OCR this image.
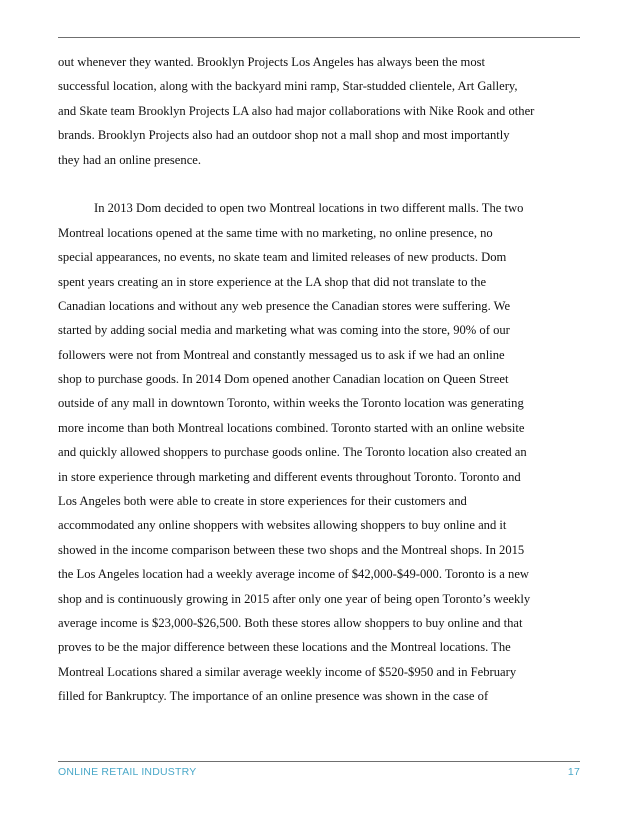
out whenever they wanted. Brooklyn Projects Los Angeles has always been the most
successful location, along with the backyard mini ramp, Star-studded clientele, Art Gallery,
and Skate team Brooklyn Projects LA also had major collaborations with Nike Rook and other
brands. Brooklyn Projects also had an outdoor shop not a mall shop and most importantly
they had an online presence.
In 2013 Dom decided to open two Montreal locations in two different malls. The two
Montreal locations opened at the same time with no marketing, no online presence, no
special appearances, no events, no skate team and limited releases of new products. Dom
spent years creating an in store experience at the LA shop that did not translate to the
Canadian locations and without any web presence the Canadian stores were suffering. We
started by adding social media and marketing what was coming into the store, 90% of our
followers were not from Montreal and constantly messaged us to ask if we had an online
shop to purchase goods. In 2014 Dom opened another Canadian location on Queen Street
outside of any mall in downtown Toronto, within weeks the Toronto location was generating
more income than both Montreal locations combined. Toronto started with an online website
and quickly allowed shoppers to purchase goods online. The Toronto location also created an
in store experience through marketing and different events throughout Toronto. Toronto and
Los Angeles both were able to create in store experiences for their customers and
accommodated any online shoppers with websites allowing shoppers to buy online and it
showed in the income comparison between these two shops and the Montreal shops. In 2015
the Los Angeles location had a weekly average income of $42,000-$49-000. Toronto is a new
shop and is continuously growing in 2015 after only one year of being open Toronto’s weekly
average income is $23,000-$26,500. Both these stores allow shoppers to buy online and that
proves to be the major difference between these locations and the Montreal locations. The
Montreal Locations shared a similar average weekly income of $520-$950 and in February
filled for Bankruptcy. The importance of an online presence was shown in the case of
ONLINE RETAIL INDUSTRY	17
